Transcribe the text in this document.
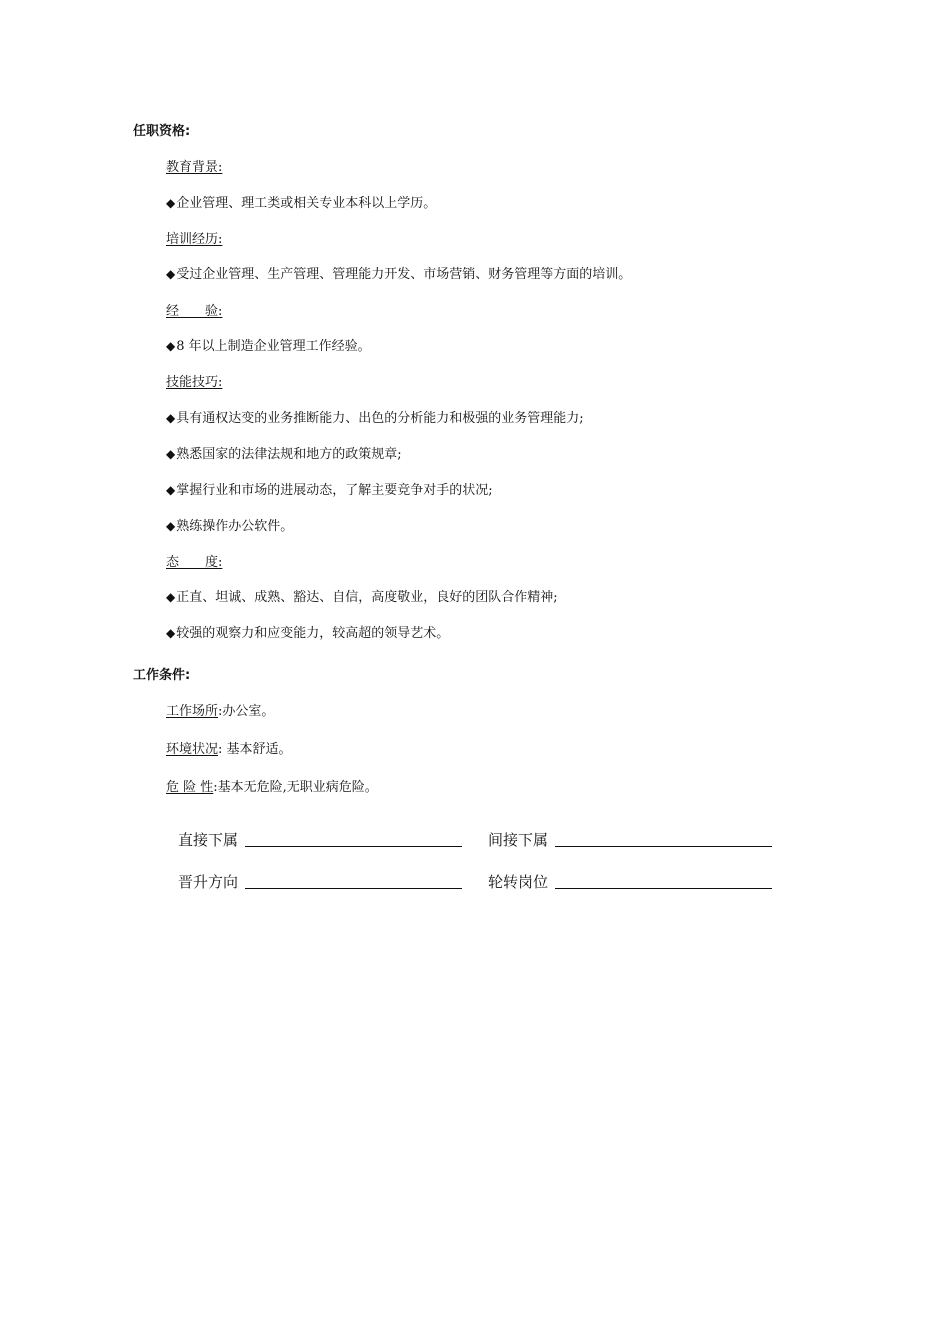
任职资格:
教育背景:
◆ 企业管理、理工类或相关专业本科以上学历。
培训经历:
◆ 受过企业管理、生产管理、管理能力开发、市场营销、财务管理等方面的培训。
经　　验:
◆ 8 年以上制造企业管理工作经验。
技能技巧:
◆ 具有通权达变的业务推断能力、出色的分析能力和极强的业务管理能力;
◆ 熟悉国家的法律法规和地方的政策规章;
◆ 掌握行业和市场的进展动态，了解主要竞争对手的状况;
◆ 熟练操作办公软件。
态　　度:
◆ 正直、坦诚、成熟、豁达、自信，高度敬业，良好的团队合作精神;
◆ 较强的观察力和应变能力，较高超的领导艺术。
工作条件:
工作场所:办公室。
环境状况: 基本舒适。
危 险 性:基本无危险,无职业病危险。
直接下属	间接下属
晋升方向	轮转岗位
